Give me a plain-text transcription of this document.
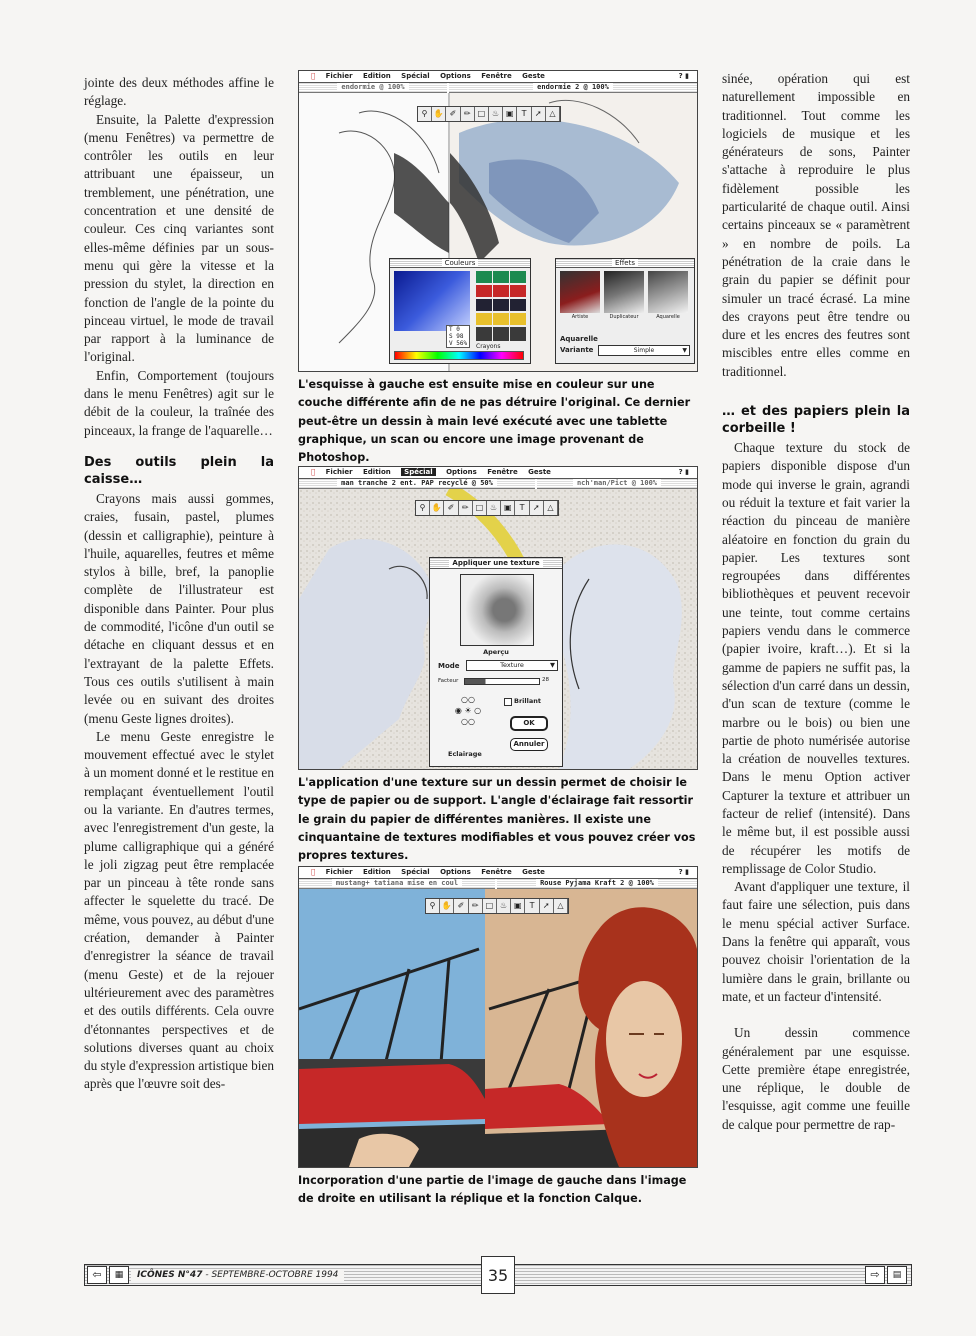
jointe des deux méthodes affine le réglage.

Ensuite, la Palette d'expression (menu Fenêtres) va permettre de contrôler les outils en leur attribuant une épaisseur, un tremblement, une pénétration, une concentration et une densité de couleur. Ces cinq variantes sont elles-même définies par un sous-menu qui gère la vitesse et la pression du stylet, la direction en fonction de l'angle de la pointe du pinceau virtuel, le mode de travail par rapport à la luminance de l'original.

Enfin, Comportement (toujours dans le menu Fenêtres) agit sur le débit de la couleur, la traînée des pinceaux, la frange de l'aquarelle…

Des outils plein la caisse…

Crayons mais aussi gommes, craies, fusain, pastel, plumes (dessin et calligraphie), peinture à l'huile, aquarelles, feutres et même stylos à bille, bref, la panoplie complète de l'illustrateur est disponible dans Painter. Pour plus de commodité, l'icône d'un outil se détache en cliquant dessus et en l'extrayant de la palette Effets. Tous ces outils s'utilisent à main levée ou en suivant des droites (menu Geste lignes droites).

Le menu Geste enregistre le mouvement effectué avec le stylet à un moment donné et le restitue en remplaçant éventuellement l'outil ou la variante. En d'autres termes, avec l'enregistrement d'un geste, la plume calligraphique qui a généré le joli zigzag peut être remplacée par un pinceau à tête ronde sans affecter le squelette du tracé. De même, vous pouvez, au début d'une création, demander à Painter d'enregistrer la séance de travail (menu Geste) et de la rejouer ultérieurement avec des paramètres et des outils différents. Cela ouvre d'étonnantes perspectives et de solutions diverses quant au choix du style d'expression artistique bien après que l'œuvre soit des-

sinée, opération qui est naturellement impossible en traditionnel. Tout comme les logiciels de musique et les générateurs de sons, Painter s'attache à reproduire le plus fidèlement possible les particularité de chaque outil. Ainsi certains pinceaux se « paramètrent » en nombre de poils. La pénétration de la craie dans le grain du papier se définit pour simuler un tracé écrasé. La mine des crayons peut être tendre ou dure et les encres des feutres sont miscibles entre elles comme en traditionnel.

… et des papiers plein la corbeille !

Chaque texture du stock de papiers disponible dispose d'un mode qui inverse le grain, agrandi ou réduit la texture et fait varier la réaction du pinceau de manière aléatoire en fonction du grain du papier. Les textures sont regroupées dans différentes bibliothèques et peuvent recevoir une teinte, tout comme certains papiers vendu dans le commerce (papier ivoire, kraft…). Et si la gamme de papiers ne suffit pas, la sélection d'un carré dans un dessin, d'un scan de texture (comme le marbre ou le bois) ou bien une partie de photo numérisée autorise la création de nouvelles textures. Dans le menu Option activer Capturer la texture et attribuer un facteur de relief (intensité). Dans le même but, il est possible aussi de récupérer les motifs de remplissage de Color Studio.

Avant d'appliquer une texture, il faut faire une sélection, puis dans le menu spécial activer Surface. Dans la fenêtre qui apparaît, vous pouvez choisir l'orientation de la lumière dans le grain, brillante ou mate, et un facteur d'intensité.

Un dessin commence généralement par une esquisse. Cette première étape enregistrée, une réplique, le double de l'esquisse, agit comme une feuille de calque pour permettre de rap-

Fichier Edition Spécial Options Fenêtre Geste	? ▮
endormie @ 100%	endormie 2 @ 100%
⚲ ✋ ✐ ✏ □ ♨ ▣ T	➚ △
Couleurs
T 0
S 98
V 56% Crayons
Effets
Artiste	Duplicateur	Aquarelle
Aquarelle
Variante	Simple	▼
L'esquisse à gauche est ensuite mise en couleur sur une couche différente afin de ne pas détruire l'original. Ce dernier peut-être un dessin à main levé exécuté avec une tablette graphique, un scan ou encore une image provenant de Photoshop.
Fichier Edition Spécial Options Fenêtre Geste	? ▮
man tranche 2 ent. PAP recyclé @ 50%	nch'man/Pict @ 100%
⚲ ✋ ✐ ✏ □ ♨ ▣ T	➚ △
Appliquer une texture
Aperçu
Mode	Texture	▼
Facteur	28
○○
◉ ☀ ○
○○
Brillant
OK
Annuler
Eclairage
L'application d'une texture sur un dessin permet de choisir le type de papier ou de support. L'angle d'éclairage fait ressortir le grain du papier de différentes manières. Il existe une cinquantaine de textures modifiables et vous pouvez créer vos propres textures.
Fichier Edition Spécial Options Fenêtre Geste	? ▮
mustang+ tatiana mise en coul	Rouse Pyjama Kraft 2 @ 100%
⚲ ✋ ✐ ✏ □ ♨ ▣ T	➚ △
Incorporation d'une partie de l'image de gauche dans l'image de droite en utilisant la réplique et la fonction Calque.
⇦	▦	ICÔNES N°47 - SEPTEMBRE-OCTOBRE 1994	⇨	▤
35
